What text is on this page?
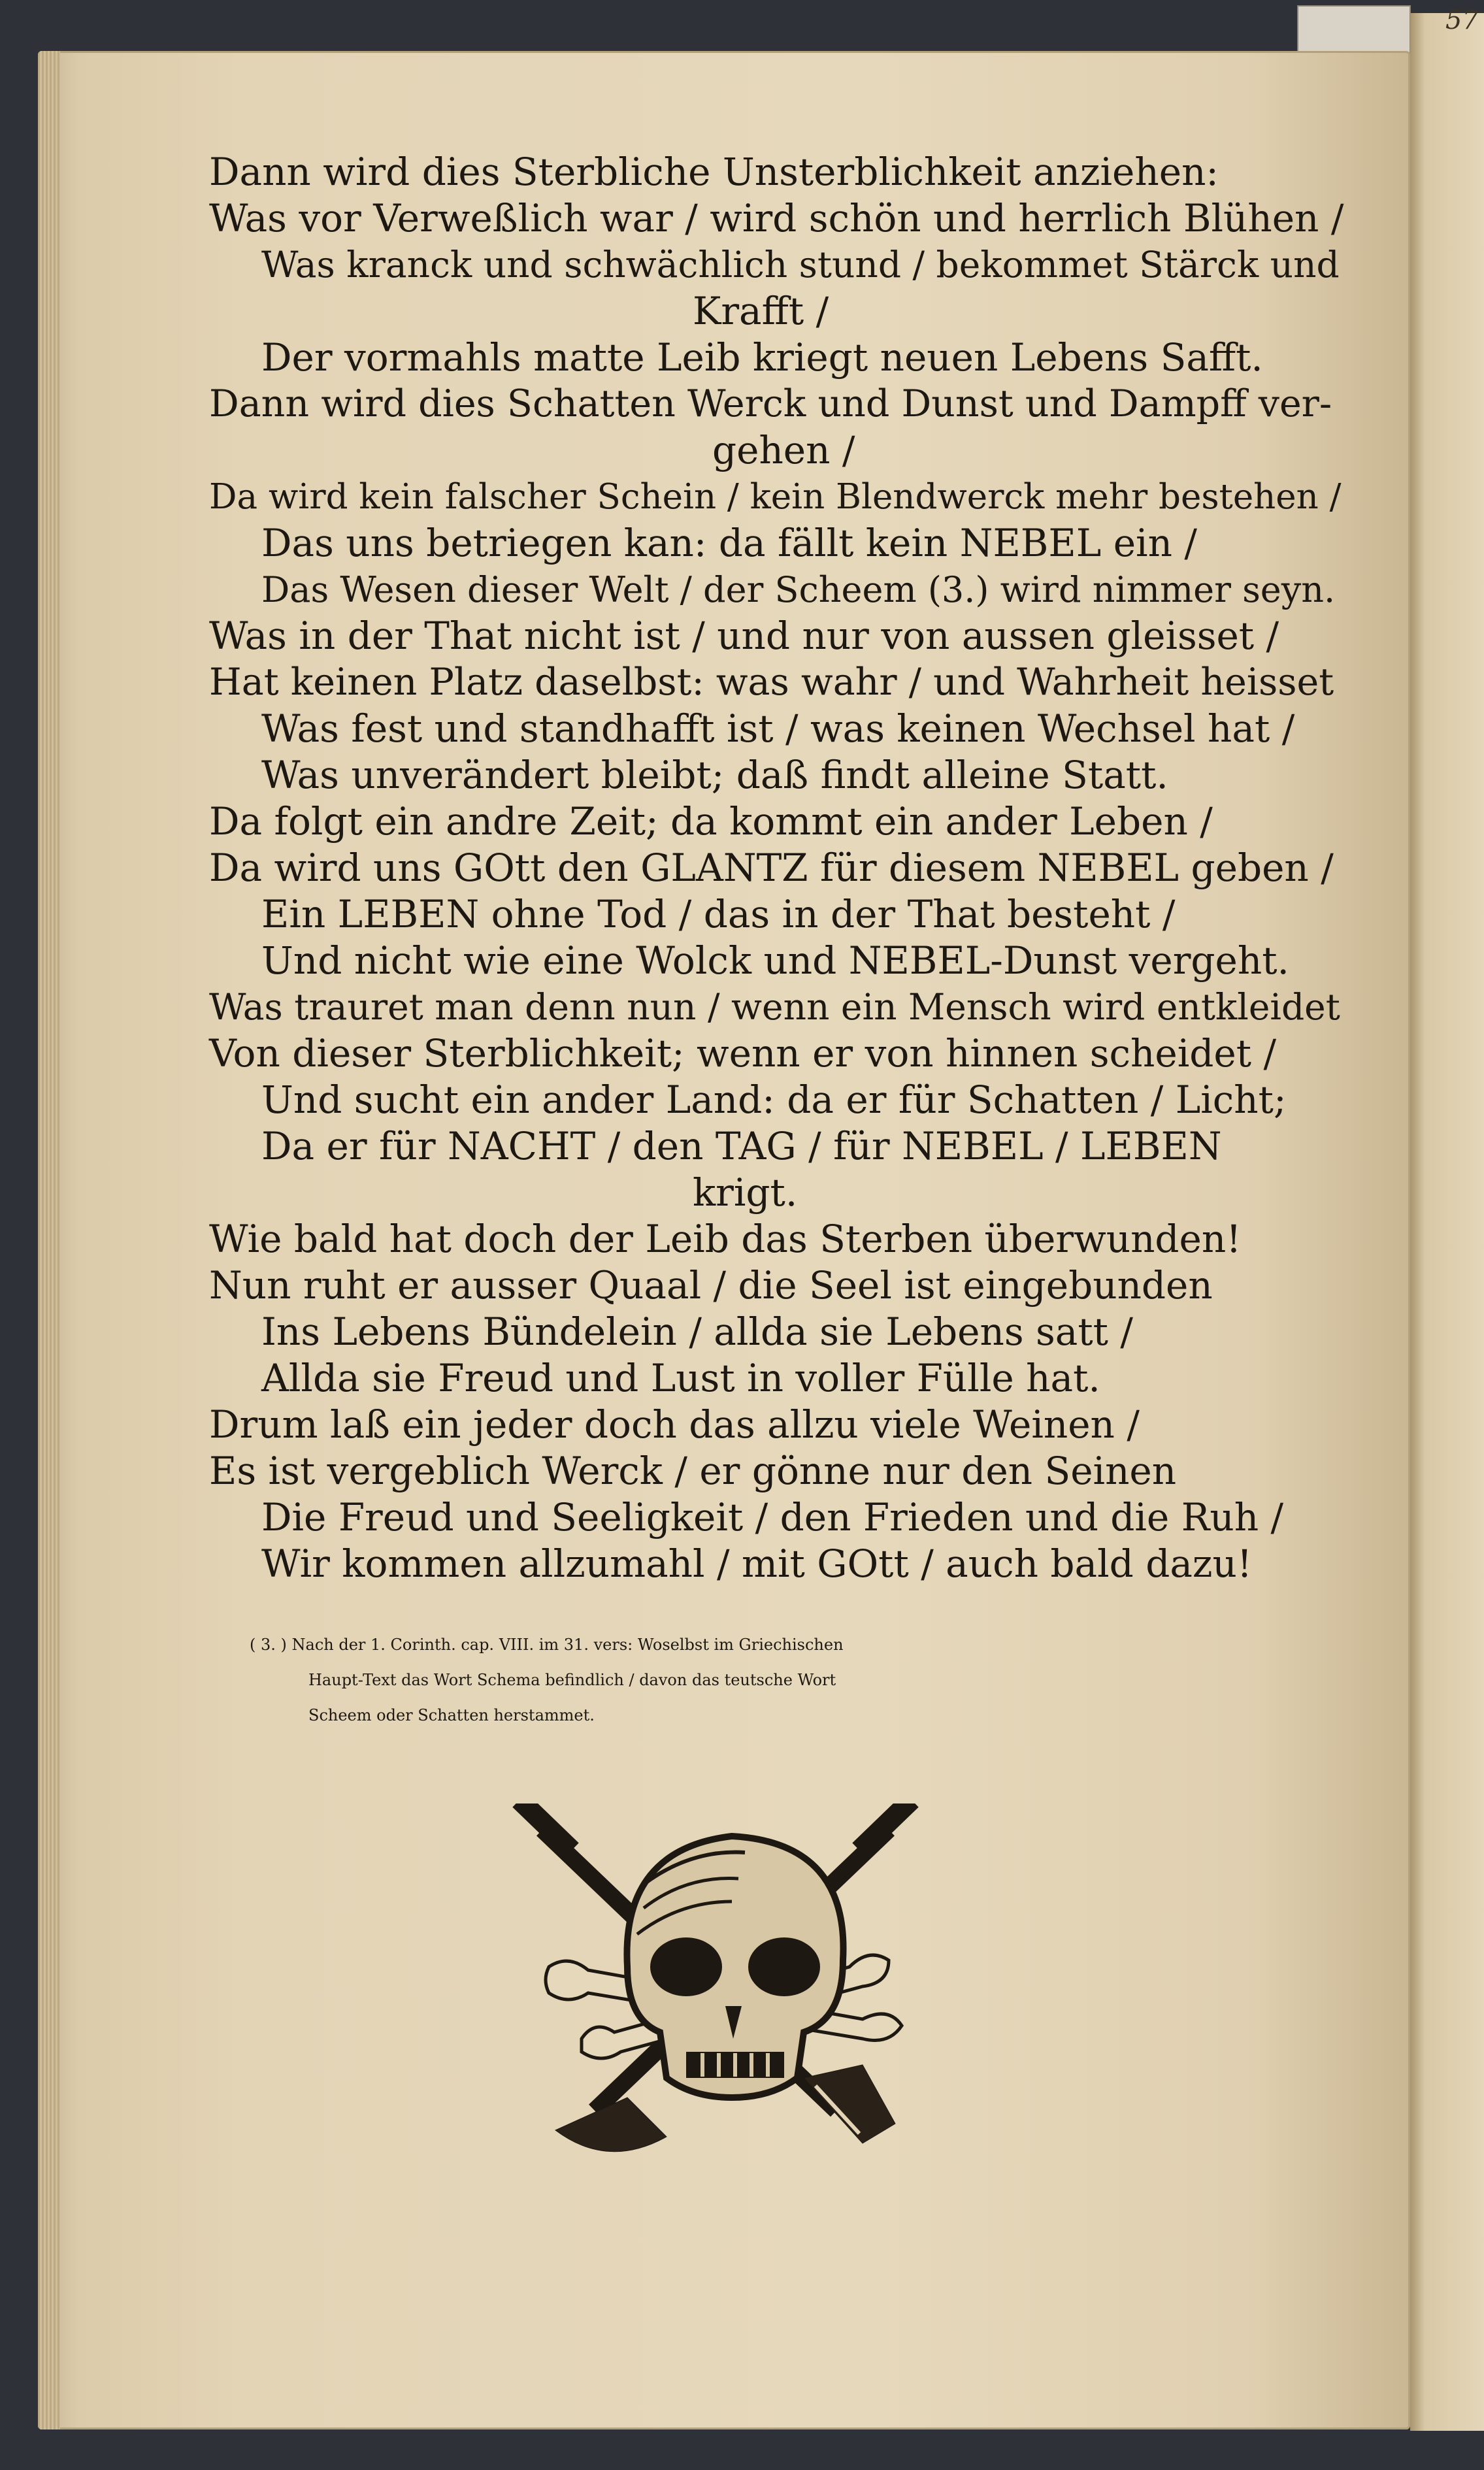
57
Dann wird dies Sterbliche Unsterblichkeit anziehen:
Was vor Verweßlich war / wird schön und herrlich Blühen /
Was kranck und schwächlich stund / bekommet Stärck und
Krafft /
Der vormahls matte Leib kriegt neuen Lebens Safft.
Dann wird dies Schatten Werck und Dunst und Dampff ver-
gehen /
Da wird kein falscher Schein / kein Blendwerck mehr bestehen /
Das uns betriegen kan: da fällt kein NEBEL ein /
Das Wesen dieser Welt / der Scheem (3.) wird nimmer seyn.
Was in der That nicht ist / und nur von aussen gleisset /
Hat keinen Platz daselbst: was wahr / und Wahrheit heisset
Was fest und standhafft ist / was keinen Wechsel hat /
Was unverändert bleibt; daß findt alleine Statt.
Da folgt ein andre Zeit; da kommt ein ander Leben /
Da wird uns GOtt den GLANTZ für diesem NEBEL geben /
Ein LEBEN ohne Tod / das in der That besteht /
Und nicht wie eine Wolck und NEBEL-Dunst vergeht.
Was trauret man denn nun / wenn ein Mensch wird entkleidet
Von dieser Sterblichkeit; wenn er von hinnen scheidet /
Und sucht ein ander Land: da er für Schatten / Licht;
Da er für NACHT / den TAG / für NEBEL / LEBEN
krigt.
Wie bald hat doch der Leib das Sterben überwunden!
Nun ruht er ausser Quaal / die Seel ist eingebunden
Ins Lebens Bündelein / allda sie Lebens satt /
Allda sie Freud und Lust in voller Fülle hat.
Drum laß ein jeder doch das allzu viele Weinen /
Es ist vergeblich Werck / er gönne nur den Seinen
Die Freud und Seeligkeit / den Frieden und die Ruh /
Wir kommen allzumahl / mit GOtt / auch bald dazu!
( 3. ) Nach der 1. Corinth. cap. VIII. im 31. vers: Woselbst im Griechischen
Haupt-Text das Wort Schema befindlich / davon das teutsche Wort
Scheem oder Schatten herstammet.
